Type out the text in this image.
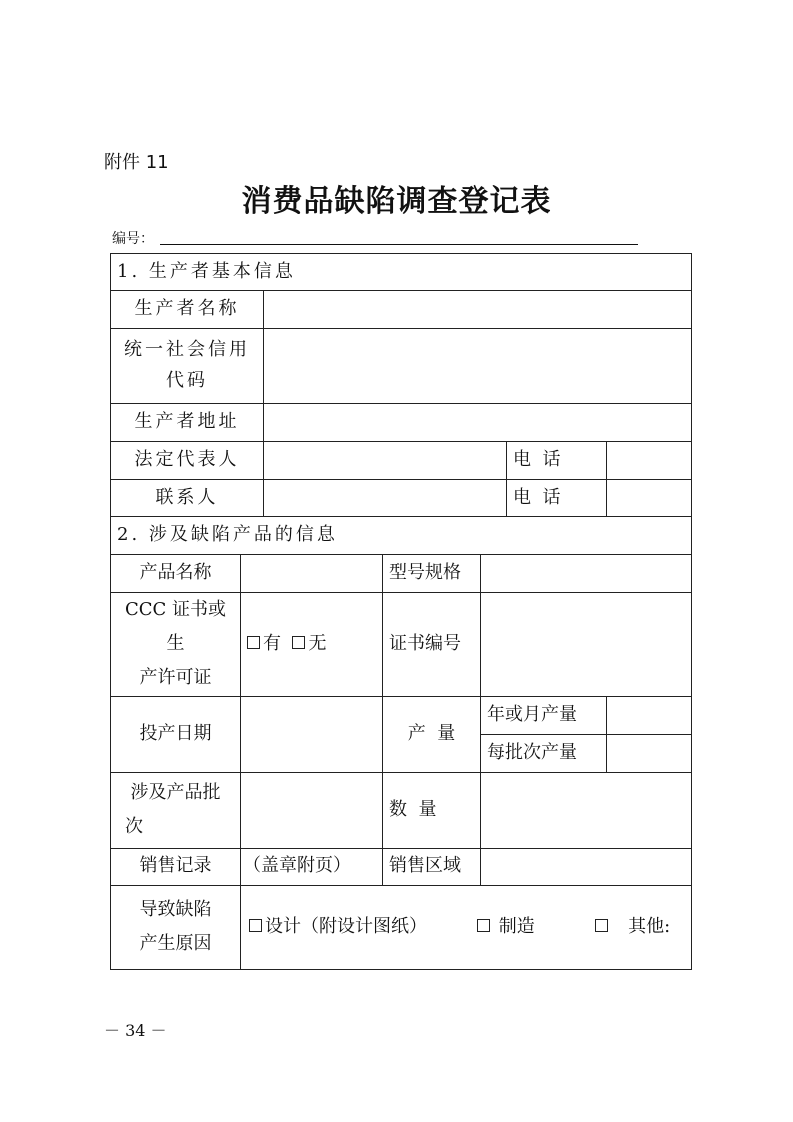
附件 11
消费品缺陷调查登记表
编号：
1. 生产者基本信息						
生产者名称						

统一社会信用
代码						

生产者地址						
法定代表人					电  话	
联系人					电  话	
2. 涉及缺陷产品的信息						
产品名称			型号规格			

CCC 证书或生
产许可证	有 无		证书编号			
投产日期			产  量	年或月产量		
				每批次产量		

涉及产品批
次			数  量			
销售记录	（盖章附页）		销售区域			

导致缺陷
产生原因	设计（附设计图纸） 制造 其他:					
－ 34 －
